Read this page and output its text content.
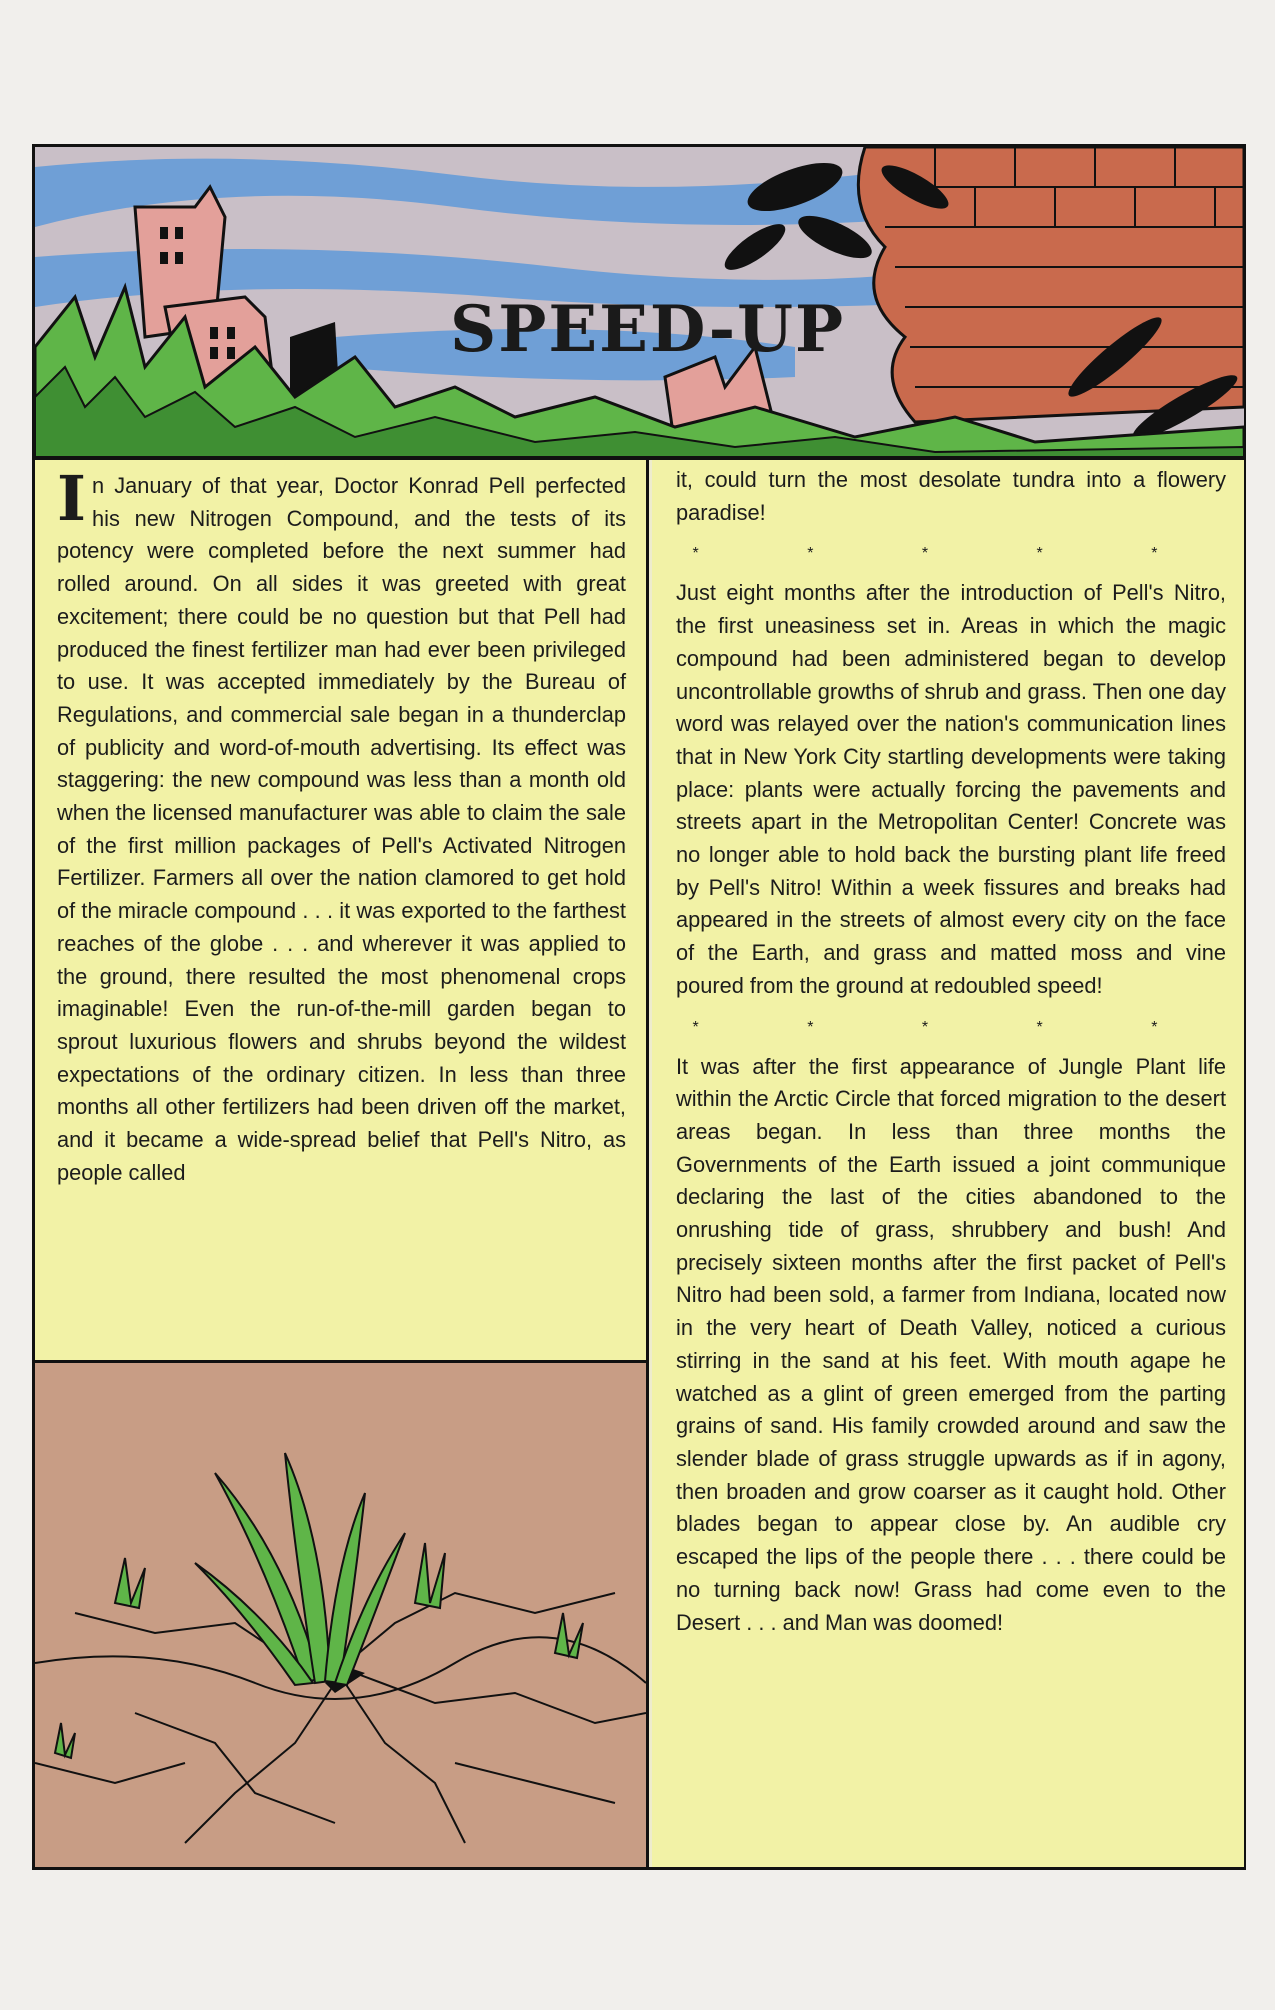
SPEED-UP
In January of that year, Doctor Konrad Pell perfected his new Nitrogen Compound, and the tests of its potency were completed before the next summer had rolled around. On all sides it was greeted with great excitement; there could be no question but that Pell had produced the finest fertilizer man had ever been privileged to use. It was accepted immediately by the Bureau of Regulations, and commercial sale began in a thunderclap of publicity and word-of-mouth advertising. Its effect was staggering: the new compound was less than a month old when the licensed manufacturer was able to claim the sale of the first million packages of Pell's Activated Nitrogen Fertilizer. Farmers all over the nation clamored to get hold of the miracle compound . . . it was exported to the farthest reaches of the globe . . . and wherever it was applied to the ground, there resulted the most phenomenal crops imaginable! Even the run-of-the-mill garden began to sprout luxurious flowers and shrubs beyond the wildest expectations of the ordinary citizen. In less than three months all other fertilizers had been driven off the market, and it became a wide-spread belief that Pell's Nitro, as people called

it, could turn the most desolate tundra into a flowery paradise!

* * * * *

Just eight months after the introduction of Pell's Nitro, the first uneasiness set in. Areas in which the magic compound had been administered began to develop uncontrollable growths of shrub and grass. Then one day word was relayed over the nation's communication lines that in New York City startling developments were taking place: plants were actually forcing the pavements and streets apart in the Metropolitan Center! Concrete was no longer able to hold back the bursting plant life freed by Pell's Nitro! Within a week fissures and breaks had appeared in the streets of almost every city on the face of the Earth, and grass and matted moss and vine poured from the ground at redoubled speed!

* * * * *

It was after the first appearance of Jungle Plant life within the Arctic Circle that forced migration to the desert areas began. In less than three months the Governments of the Earth issued a joint communique declaring the last of the cities abandoned to the onrushing tide of grass, shrubbery and bush! And precisely sixteen months after the first packet of Pell's Nitro had been sold, a farmer from Indiana, located now in the very heart of Death Valley, noticed a curious stirring in the sand at his feet. With mouth agape he watched as a glint of green emerged from the parting grains of sand. His family crowded around and saw the slender blade of grass struggle upwards as if in agony, then broaden and grow coarser as it caught hold. Other blades began to appear close by. An audible cry escaped the lips of the people there . . . there could be no turning back now! Grass had come even to the Desert . . . and Man was doomed!
